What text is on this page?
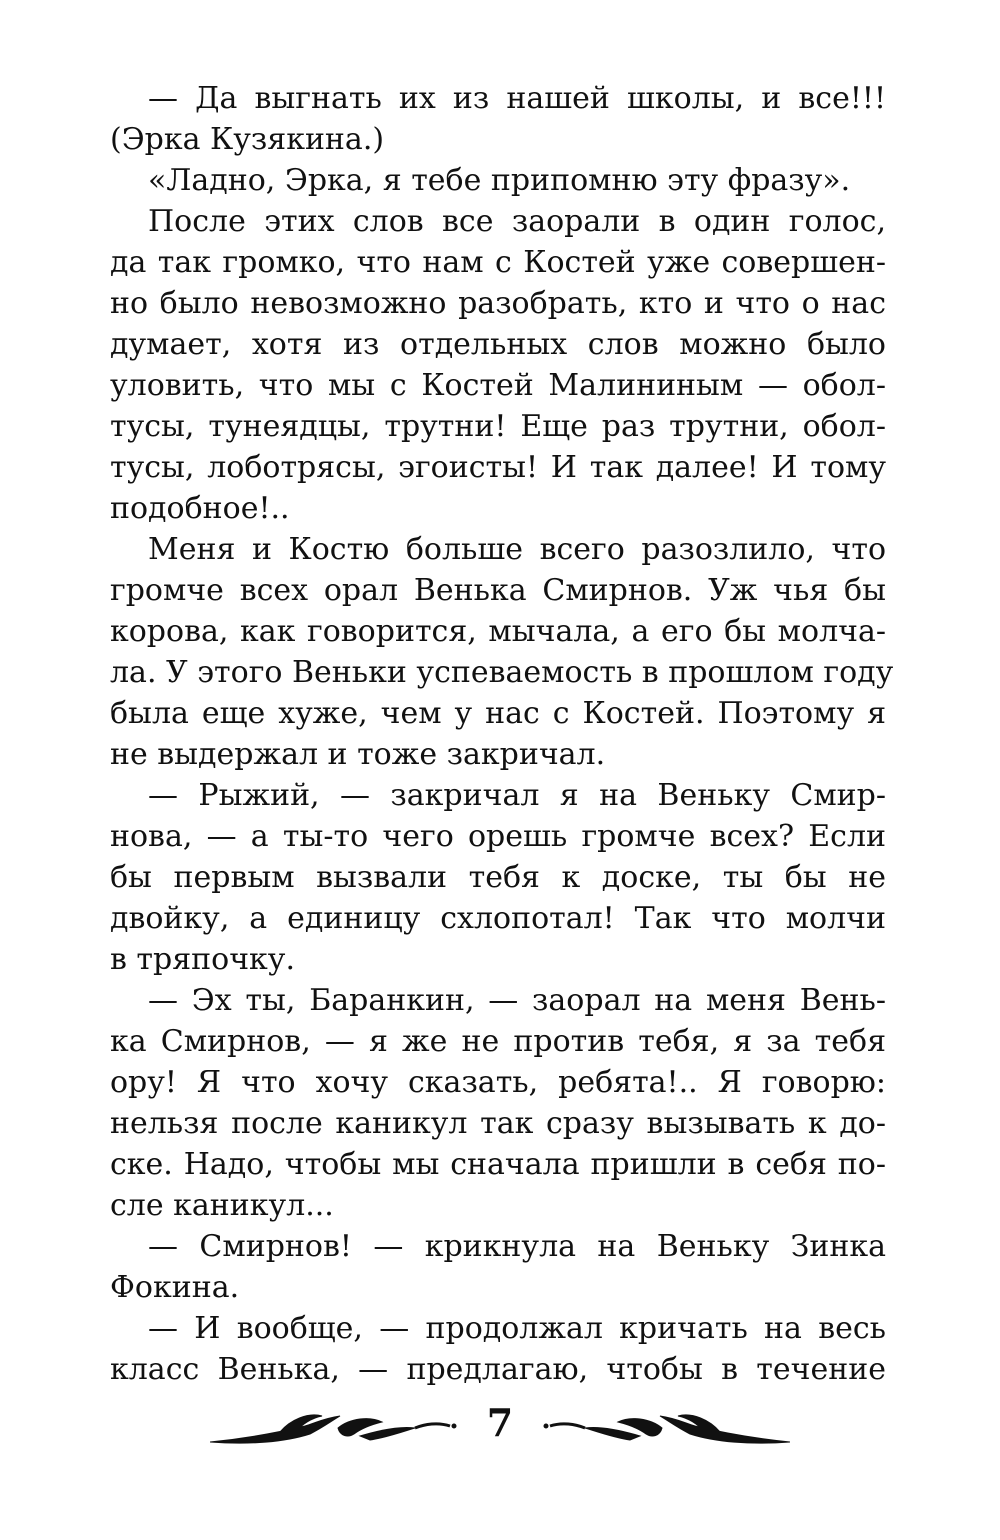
— Да выгнать их из нашей школы, и все!!!
(Эрка Кузякина.)
«Ладно, Эрка, я тебе припомню эту фразу».
После этих слов все заорали в один голос,
да так громко, что нам с Костей уже совершен-
но было невозможно разобрать, кто и что о нас
думает, хотя из отдельных слов можно было
уловить, что мы с Костей Малининым — обол-
тусы, тунеядцы, трутни! Еще раз трутни, обол-
тусы, лоботрясы, эгоисты! И так далее! И тому
подобное!..
Меня и Костю больше всего разозлило, что
громче всех орал Венька Смирнов. Уж чья бы
корова, как говорится, мычала, а его бы молча-
ла. У этого Веньки успеваемость в прошлом году
была еще хуже, чем у нас с Костей. Поэтому я
не выдержал и тоже закричал.
— Рыжий, — закричал я на Веньку Смир-
нова, — а ты-то чего орешь громче всех? Если
бы первым вызвали тебя к доске, ты бы не
двойку, а единицу схлопотал! Так что молчи
в тряпочку.
— Эх ты, Баранкин, — заорал на меня Вень-
ка Смирнов, — я же не против тебя, я за тебя
ору! Я что хочу сказать, ребята!.. Я говорю:
нельзя после каникул так сразу вызывать к до-
ске. Надо, чтобы мы сначала пришли в себя по-
сле каникул...
— Смирнов! — крикнула на Веньку Зинка
Фокина.
— И вообще, — продолжал кричать на весь
класс Венька, — предлагаю, чтобы в течение
7
